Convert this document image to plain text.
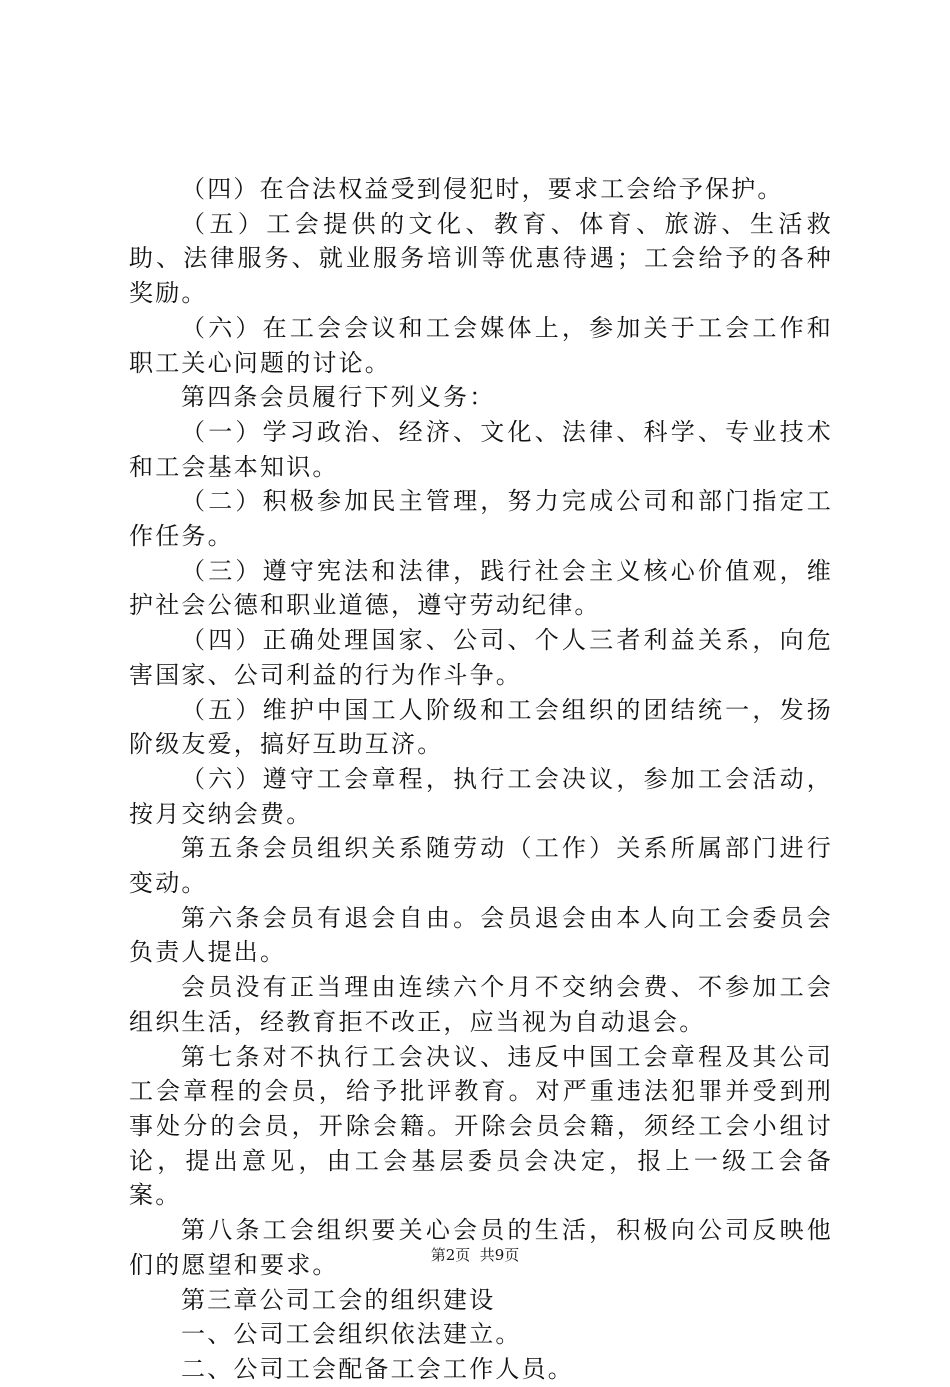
（四）在合法权益受到侵犯时，要求工会给予保护。

（五）工会提供的文化、教育、体育、旅游、生活救助、法律服务、就业服务培训等优惠待遇；工会给予的各种奖励。

（六）在工会会议和工会媒体上，参加关于工会工作和职工关心问题的讨论。

第四条会员履行下列义务：

（一）学习政治、经济、文化、法律、科学、专业技术和工会基本知识。

（二）积极参加民主管理，努力完成公司和部门指定工作任务。

（三）遵守宪法和法律，践行社会主义核心价值观，维护社会公德和职业道德，遵守劳动纪律。

（四）正确处理国家、公司、个人三者利益关系，向危害国家、公司利益的行为作斗争。

（五）维护中国工人阶级和工会组织的团结统一，发扬阶级友爱，搞好互助互济。

（六）遵守工会章程，执行工会决议，参加工会活动，按月交纳会费。

第五条会员组织关系随劳动（工作）关系所属部门进行变动。

第六条会员有退会自由。会员退会由本人向工会委员会负责人提出。

会员没有正当理由连续六个月不交纳会费、不参加工会组织生活，经教育拒不改正，应当视为自动退会。

第七条对不执行工会决议、违反中国工会章程及其公司工会章程的会员，给予批评教育。对严重违法犯罪并受到刑事处分的会员，开除会籍。开除会员会籍，须经工会小组讨论，提出意见，由工会基层委员会决定，报上一级工会备案。

第八条工会组织要关心会员的生活，积极向公司反映他们的愿望和要求。

第三章公司工会的组织建设

一、公司工会组织依法建立。

二、公司工会配备工会工作人员。

第2页  共9页
